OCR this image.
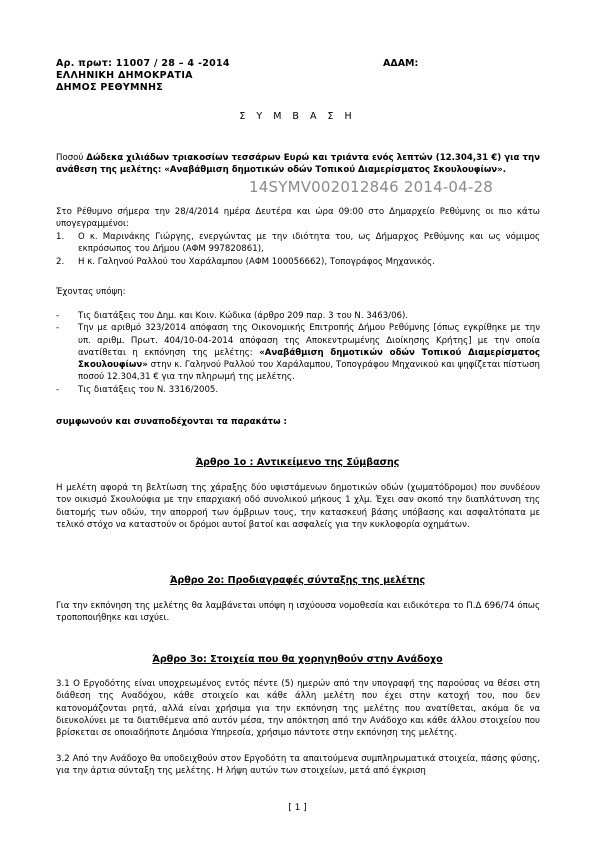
Αρ. πρωτ: 11007 / 28 – 4 -2014	ΑΔΑΜ:
ΕΛΛΗΝΙΚΗ ΔΗΜΟΚΡΑΤΙΑ
ΔΗΜΟΣ ΡΕΘΥΜΝΗΣ
Σ Υ Μ Β Α Σ Η
Ποσού Δώδεκα χιλιάδων τριακοσίων τεσσάρων Ευρώ και τριάντα ενός λεπτών (12.304,31 €) για την ανάθεση της μελέτης: «Αναβάθμιση δημοτικών οδών Τοπικού Διαμερίσματος Σκουλουφίων».
14SYMV002012846 2014-04-28
Στο Ρέθυμνο σήμερα την 28/4/2014 ημέρα Δευτέρα και ώρα 09:00 στο Δημαρχείο Ρεθύμνης οι πιο κάτω υπογεγραμμένοι:
1. Ο κ. Μαρινάκης Γιώργης, ενεργώντας με την ιδιότητα του, ως Δήμαρχος Ρεθύμνης και ως νόμιμος εκπρόσωπος του Δήμου (ΑΦΜ 997820861),
2. Η κ. Γαληνού Ραλλού του Χαράλαμπου (ΑΦΜ 100056662), Τοπογράφος Μηχανικός.
Έχοντας υπόψη:
- Τις διατάξεις του Δημ. και Κοιν. Κώδικα (άρθρο 209 παρ. 3 του Ν. 3463/06).
- Την με αριθμό 323/2014 απόφαση της Οικονομικής Επιτροπής Δήμου Ρεθύμνης [όπως εγκρίθηκε με την υπ. αριθμ. Πρωτ. 404/10-04-2014 απόφαση της Αποκεντρωμένης Διοίκησης Κρήτης] με την οποία ανατίθεται η εκπόνηση της μελέτης: «Αναβάθμιση δημοτικών οδών Τοπικού Διαμερίσματος Σκουλουφίων» στην κ. Γαληνού Ραλλού του Χαράλαμπου, Τοπογράφου Μηχανικού και ψηφίζεται πίστωση ποσού 12.304,31 € για την πληρωμή της μελέτης.
- Τις διατάξεις του Ν. 3316/2005.
συμφωνούν και συναποδέχονται τα παρακάτω :
Άρθρο 1ο : Αντικείμενο της Σύμβασης
Η μελέτη αφορά τη βελτίωση της χάραξης δύο υφιστάμενων δημοτικών οδών (χωματόδρομοι) που συνδέουν τον οικισμό Σκουλούφια με την επαρχιακή οδό συνολικού μήκους 1 χλμ. Έχει σαν σκοπό την διαπλάτυνση της διατομής των οδών, την απορροή των όμβριων τους, την κατασκευή βάσης υπόβασης και ασφαλτόπατα με τελικό στόχο να καταστούν οι δρόμοι αυτοί βατοί και ασφαλείς για την κυκλοφορία οχημάτων.
Άρθρο 2ο: Προδιαγραφές σύνταξης της μελέτης
Για την εκπόνηση της μελέτης θα λαμβάνεται υπόψη η ισχύουσα νομοθεσία και ειδικότερα το Π.Δ 696/74 όπως τροποποιήθηκε και ισχύει.
Άρθρο 3ο: Στοιχεία που θα χορηγηθούν στην Ανάδοχο
3.1 Ο Εργοδότης είναι υποχρεωμένος εντός πέντε (5) ημερών από την υπογραφή της παρούσας να θέσει στη διάθεση της Αναδόχου, κάθε στοιχείο και κάθε άλλη μελέτη που έχει στην κατοχή του, που δεν κατονομάζονται ρητά, αλλά είναι χρήσιμα για την εκπόνηση της μελέτης που ανατίθεται, ακόμα δε να διευκολύνει με τα διατιθέμενα από αυτόν μέσα, την απόκτηση από την Ανάδοχο και κάθε άλλου στοιχείου που βρίσκεται σε οποιαδήποτε Δημόσια Υπηρεσία, χρήσιμο πάντοτε στην εκπόνηση της μελέτης.
3.2 Από την Ανάδοχο θα υποδειχθούν στον Εργοδότη τα απαιτούμενα συμπληρωματικά στοιχεία, πάσης φύσης, για την άρτια σύνταξη της μελέτης. Η λήψη αυτών των στοιχείων, μετά από έγκριση
[ 1 ]
